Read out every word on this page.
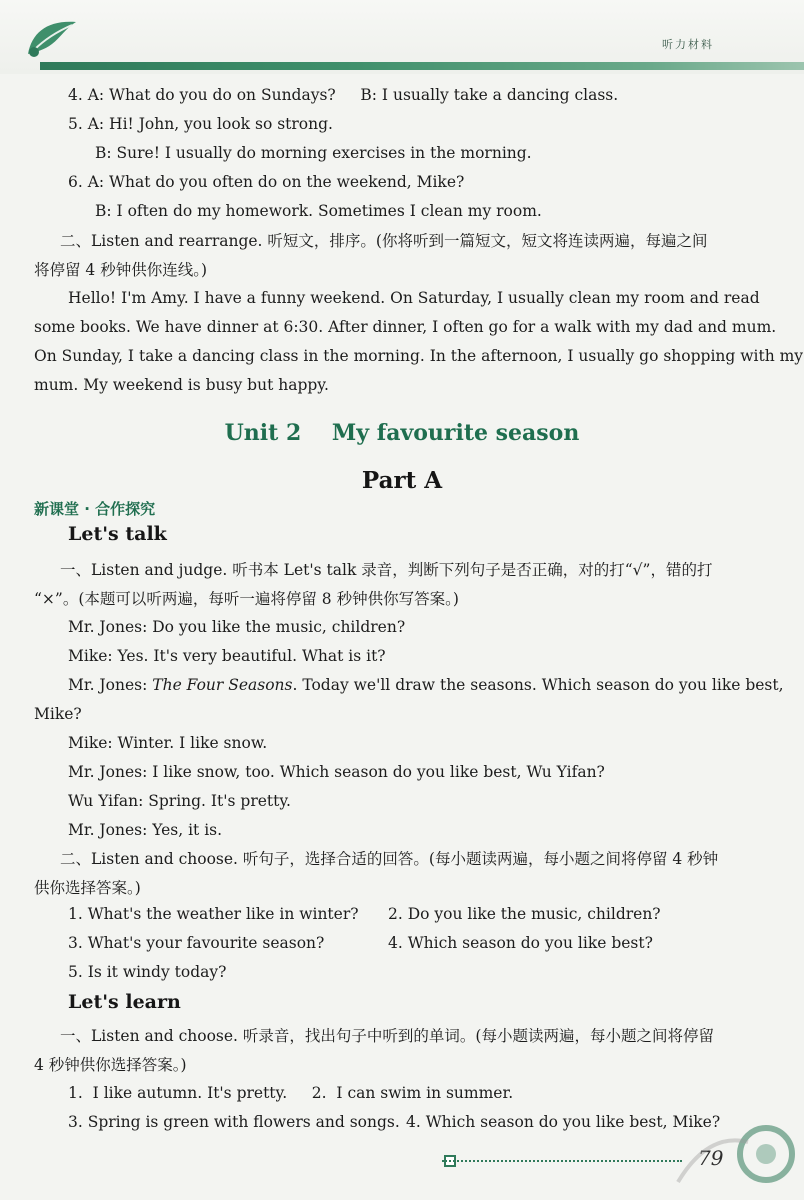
听力材料
4. A: What do you do on Sundays?     B: I usually take a dancing class.
5. A: Hi! John, you look so strong.
B: Sure! I usually do morning exercises in the morning.
6. A: What do you often do on the weekend, Mike?
B: I often do my homework. Sometimes I clean my room.
二、Listen and rearrange. 听短文，排序。(你将听到一篇短文，短文将连读两遍，每遍之间
将停留 4 秒钟供你连线。)
Hello! I'm Amy. I have a funny weekend. On Saturday, I usually clean my room and read
some books. We have dinner at 6:30. After dinner, I often go for a walk with my dad and mum.
On Sunday, I take a dancing class in the morning. In the afternoon, I usually go shopping with my
mum. My weekend is busy but happy.
Unit 2    My favourite season
Part A
新课堂 · 合作探究
Let's talk
一、Listen and judge. 听书本 Let's talk 录音，判断下列句子是否正确，对的打“√”，错的打
“×”。(本题可以听两遍，每听一遍将停留 8 秒钟供你写答案。)
Mr. Jones: Do you like the music, children?
Mike: Yes. It's very beautiful. What is it?
Mr. Jones: The Four Seasons. Today we'll draw the seasons. Which season do you like best,
Mike?
Mike: Winter. I like snow.
Mr. Jones: I like snow, too. Which season do you like best, Wu Yifan?
Wu Yifan: Spring. It's pretty.
Mr. Jones: Yes, it is.
二、Listen and choose. 听句子，选择合适的回答。(每小题读两遍，每小题之间将停留 4 秒钟
供你选择答案。)
1. What's the weather like in winter? 2. Do you like the music, children?
3. What's your favourite season?	4. Which season do you like best?
5. Is it windy today?
Let's learn
一、Listen and choose. 听录音，找出句子中听到的单词。(每小题读两遍，每小题之间将停留
4 秒钟供你选择答案。)
1.  I like autumn. It's pretty.     2.  I can swim in summer.
3. Spring is green with flowers and songs. 4. Which season do you like best, Mike?
79
